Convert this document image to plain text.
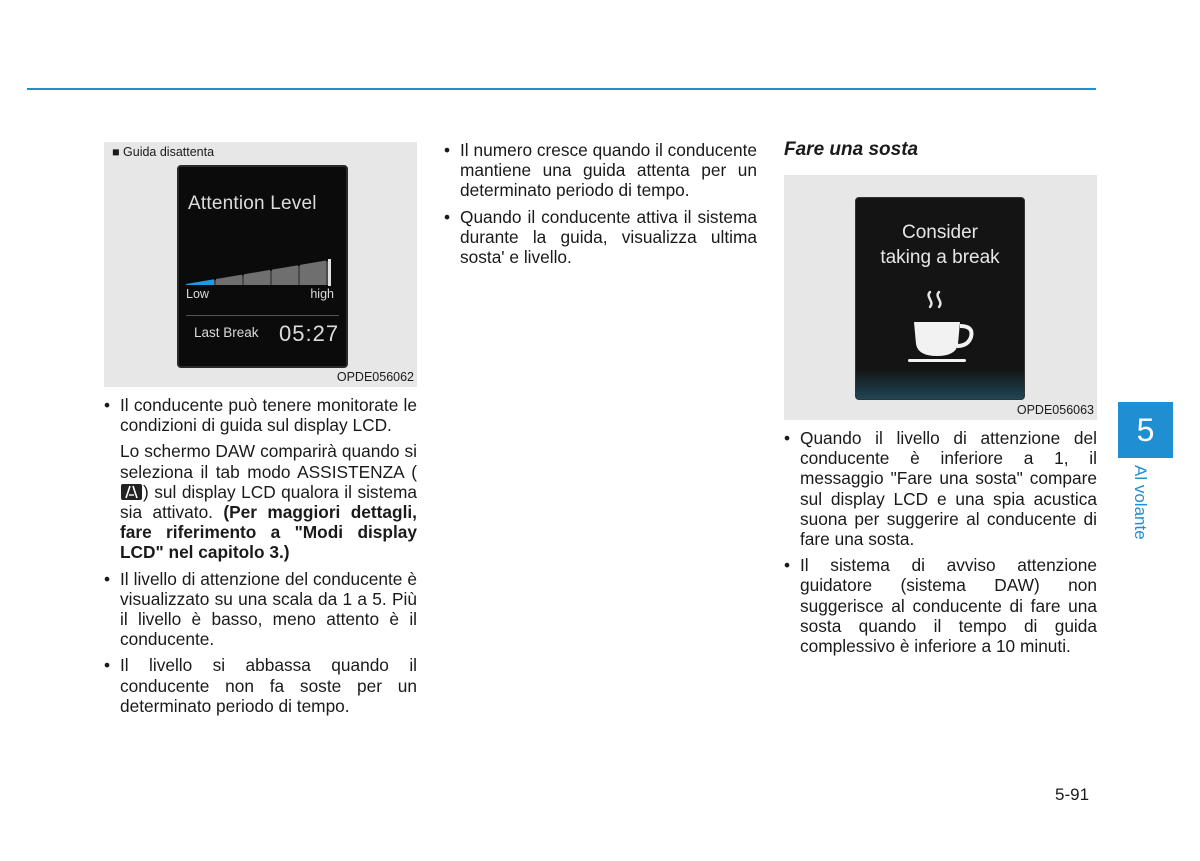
■ Guida disattenta
Attention Level
Low	high
Last Break 05:27
OPDE056062
• Il conducente può tenere monitorate le condizioni di guida sul display LCD.
Lo schermo DAW comparirà quando si seleziona il tab modo ASSISTENZA () sul display LCD qualora il sistema sia attivato. (Per maggiori dettagli, fare riferimento a "Modi display LCD" nel capitolo 3.)
• Il livello di attenzione del conducente è visualizzato su una scala da 1 a 5. Più il livello è basso, meno attento è il conducente.
• Il livello si abbassa quando il conducente non fa soste per un determinato periodo di tempo.
• Il numero cresce quando il conducente mantiene una guida attenta per un determinato periodo di tempo.
• Quando il conducente attiva il sistema durante la guida, visualizza ultima sosta' e livello.
Fare una sosta
Consider
taking a break
OPDE056063
• Quando il livello di attenzione del conducente è inferiore a 1, il messaggio "Fare una sosta" compare sul display LCD e una spia acustica suona per suggerire al conducente di fare una sosta.
• Il sistema di avviso attenzione guidatore (sistema DAW) non suggerisce al conducente di fare una sosta quando il tempo di guida complessivo è inferiore a 10 minuti.
5
Al volante
5-91
